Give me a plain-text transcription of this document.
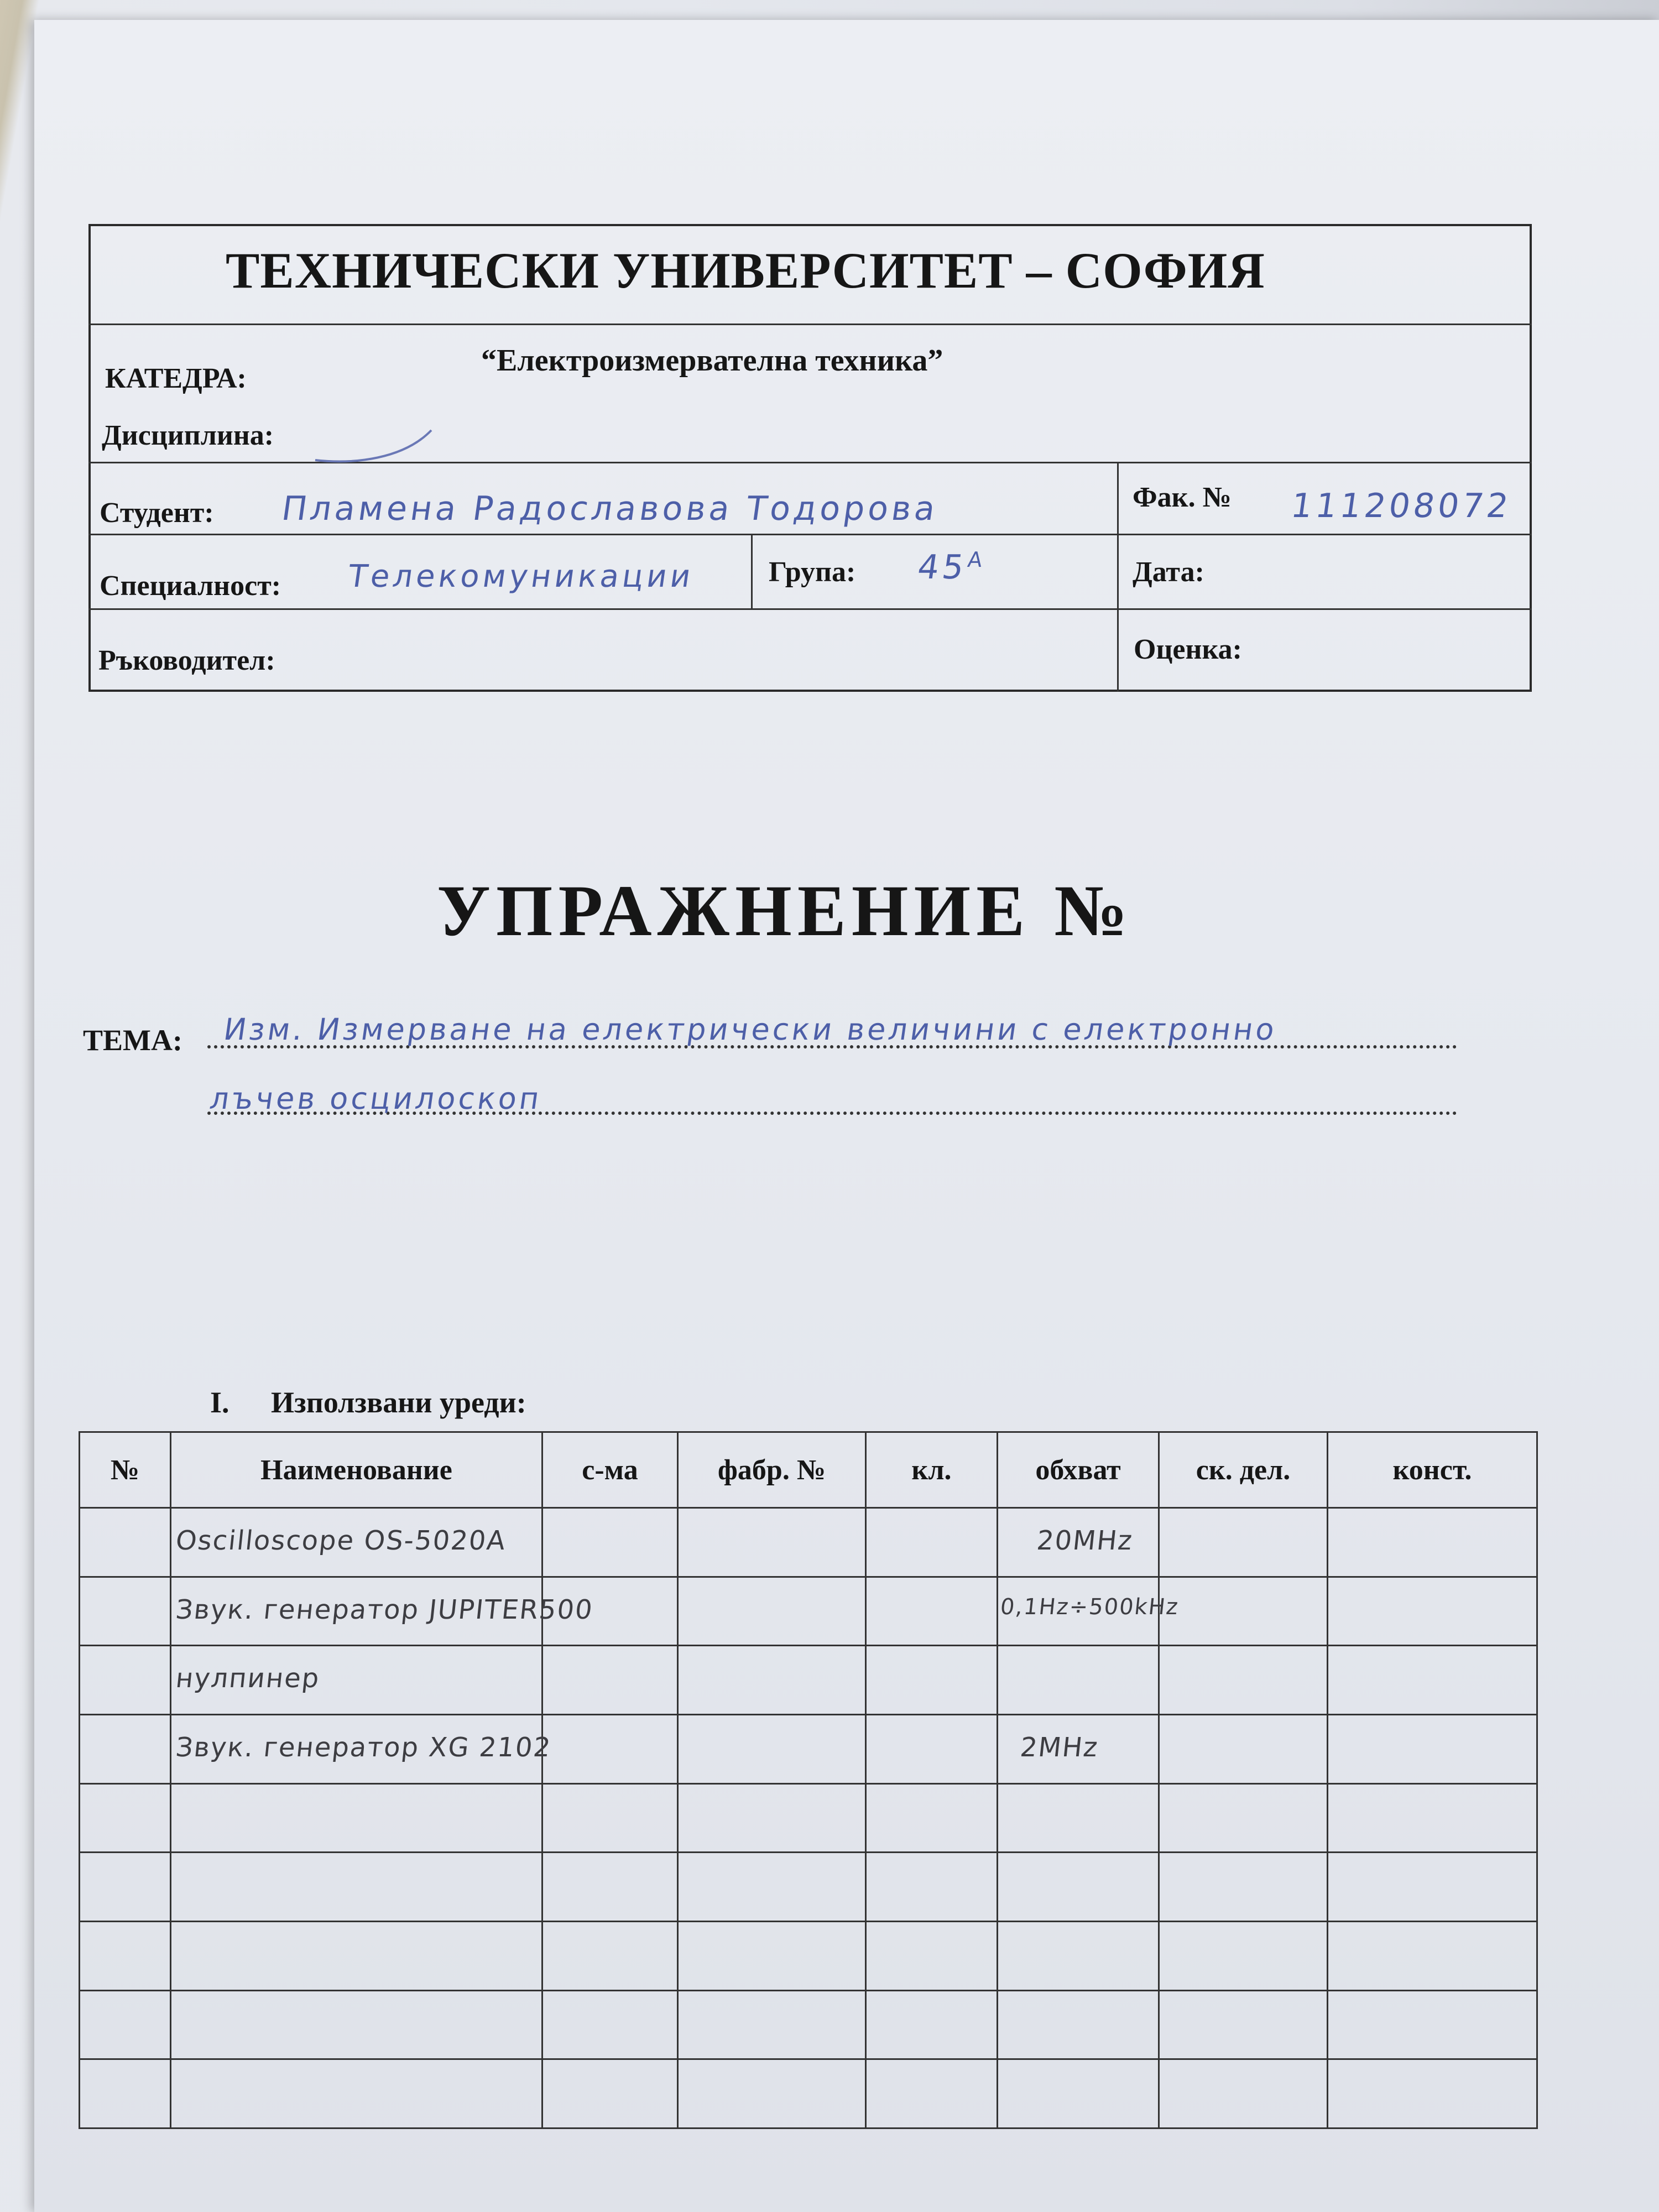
ТЕХНИЧЕСКИ УНИВЕРСИТЕТ – СОФИЯ
КАТЕДРА:
“Електроизмервателна техника”
Дисциплина:
Студент: Пламена Радославова Тодорова	Фак. № 111208072
Специалност: Телекомуникации	Група: $45^A$	Дата:
Ръководител:	Оценка:
УПРАЖНЕНИЕ №
ТЕМА: Изм. Измерване на електрически величини с електронно
лъчев осцилоскоп
I. Използвани уреди:
№	Наименование	с-ма	фабр. №	кл.	обхват	ск. дел.	конст.

	Oscilloscope OS-5020A				20MHz		

	Звук. генератор JUPITER500				0,1Hz÷500kHz		

	нулпинер						

	Звук. генератор XG 2102				2MHz		
